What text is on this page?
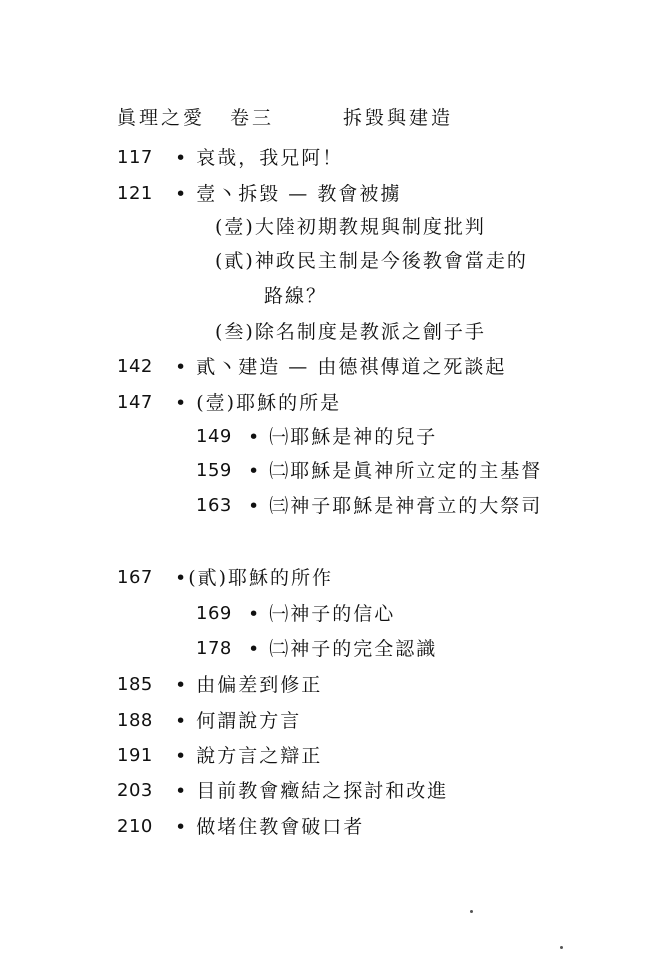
眞理之愛 卷三	拆毀與建造
117 • 哀哉，我兄阿！
121 • 壹丶拆毀 — 教會被擄
(壹)大陸初期教規與制度批判
(貳)神政民主制是今後教會當走的
路線？
(叁)除名制度是教派之劊子手
142 • 貳丶建造 — 由德祺傳道之死談起
147 • (壹)耶穌的所是
149 • ㈠耶穌是神的兒子
159 • ㈡耶穌是眞神所立定的主基督
163 • ㈢神子耶穌是神膏立的大祭司
167 •(貳)耶穌的所作
169 • ㈠神子的信心
178 • ㈡神子的完全認識
185 • 由偏差到修正
188 • 何謂說方言
191 • 說方言之辯正
203 • 目前教會癥結之探討和改進
210 • 做堵住教會破口者
